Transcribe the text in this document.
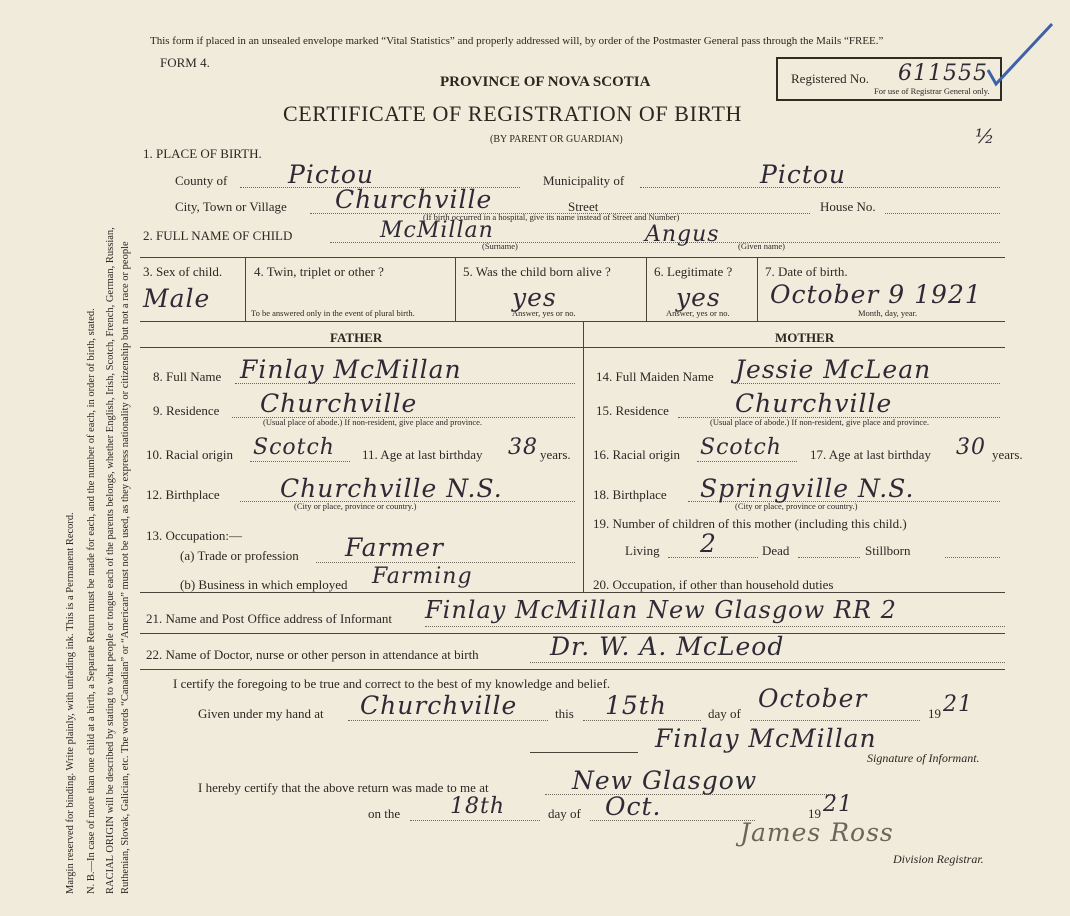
Margin reserved for binding. Write plainly, with unfading ink. This is a Permanent Record. N. B.—In case of more than one child at a birth, a Separate Return must be made for each, and the number of each, in order of birth, stated. RACIAL ORIGIN will be described by stating to what people or tongue each of the parents belongs, whether English, Irish, Scotch, French, German, Russian, Ruthenian, Slovak, Galician, etc. The words “Canadian” or “American” must not be used, as they express nationality or citizenship but not a race or people
This form if placed in an unsealed envelope marked “Vital Statistics” and properly addressed will, by order of the Postmaster General pass through the Mails “FREE.”
FORM 4.
PROVINCE OF NOVA SCOTIA
CERTIFICATE OF REGISTRATION OF BIRTH
(BY PARENT OR GUARDIAN)
Registered No. 611555
For use of Registrar General only.
½
1. PLACE OF BIRTH.
County of Pictou	Municipality of	Pictou
City, Town or Village Churchville	Street	House No.
(If birth occurred in a hospital, give its name instead of Street and Number)
2. FULL NAME OF CHILD	McMillan
(Surname)	Angus (Given name)
3. Sex of child.
Male
4. Twin, triplet or other ?
To be answered only in the event of plural birth.
5. Was the child born alive ?
yes
Answer, yes or no.
6. Legitimate ?
yes
Answer, yes or no.
7. Date of birth.
October 9 1921
Month, day, year.
FATHER	MOTHER
8. Full Name Finlay McMillan
9. Residence Churchville
(Usual place of abode.) If non-resident, give place and province.
10. Racial origin Scotch 11. Age at last birthday 38 years.
12. Birthplace Churchville N.S.
(City or place, province or country.)
13. Occupation:—
(a) Trade or profession Farmer
(b) Business in which employed Farming
14. Full Maiden Name Jessie McLean
15. Residence	Churchville
(Usual place of abode.) If non-resident, give place and province.
16. Racial origin Scotch 17. Age at last birthday 30 years.
18. Birthplace Springville N.S.
(City or place, province or country.)
19. Number of children of this mother (including this child.)
Living 2	Dead	Stillborn
20. Occupation, if other than household duties
21. Name and Post Office address of Informant Finlay McMillan New Glasgow RR 2
22. Name of Doctor, nurse or other person in attendance at birth	Dr. W. A. McLeod
I certify the foregoing to be true and correct to the best of my knowledge and belief.
Given under my hand at Churchville	this 15th	day of
October
19 21
Finlay McMillan
Signature of Informant.
I hereby certify that the above return was made to me at	New Glasgow
on the 18th	day of Oct.	19 21
James Ross
Division Registrar.
